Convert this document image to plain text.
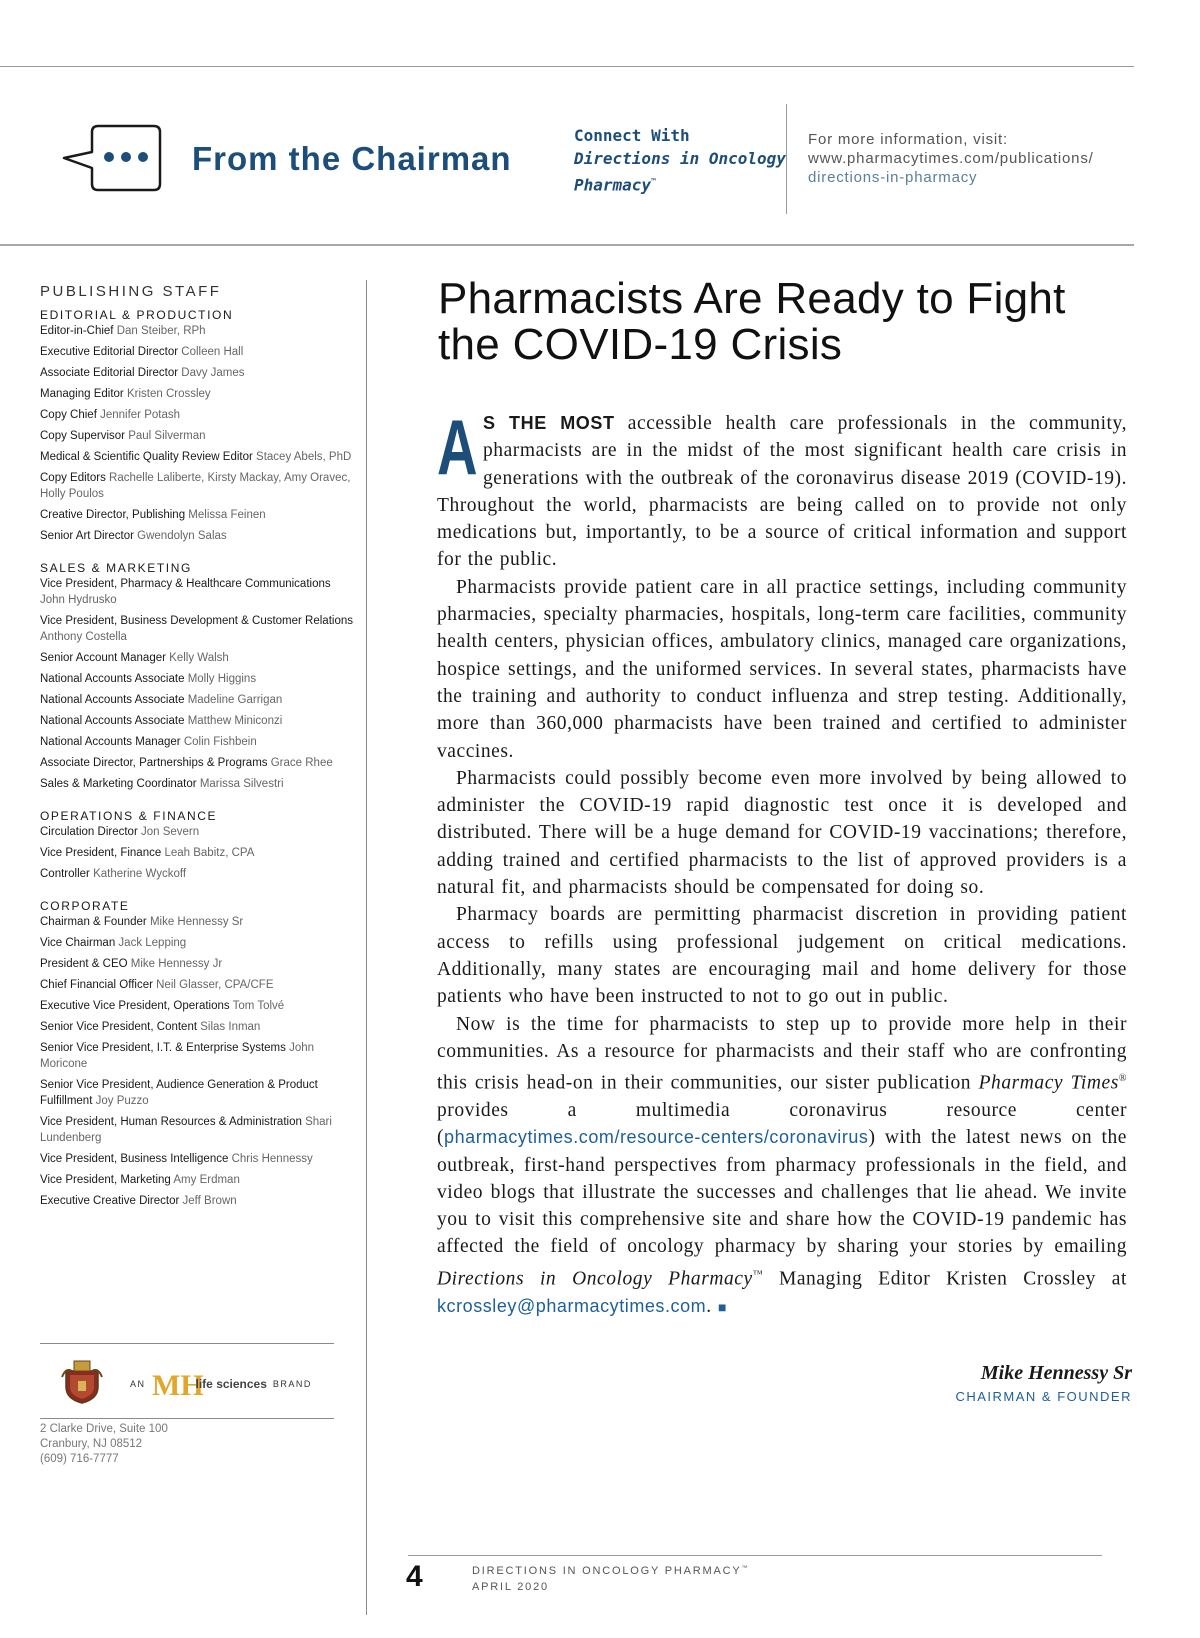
From the Chairman
Connect With
Directions in Oncology
Pharmacy™
For more information, visit:
www.pharmacytimes.com/publications/
directions-in-pharmacy
PUBLISHING STAFF
EDITORIAL & PRODUCTION
Editor-in-Chief Dan Steiber, RPh
Executive Editorial Director Colleen Hall
Associate Editorial Director Davy James
Managing Editor Kristen Crossley
Copy Chief Jennifer Potash
Copy Supervisor Paul Silverman
Medical & Scientific Quality Review Editor Stacey Abels, PhD
Copy Editors Rachelle Laliberte, Kirsty Mackay, Amy Oravec, Holly Poulos
Creative Director, Publishing Melissa Feinen
Senior Art Director Gwendolyn Salas
SALES & MARKETING
Vice President, Pharmacy & Healthcare Communications John Hydrusko
Vice President, Business Development & Customer Relations Anthony Costella
Senior Account Manager Kelly Walsh
National Accounts Associate Molly Higgins
National Accounts Associate Madeline Garrigan
National Accounts Associate Matthew Miniconzi
National Accounts Manager Colin Fishbein
Associate Director, Partnerships & Programs Grace Rhee
Sales & Marketing Coordinator Marissa Silvestri
OPERATIONS & FINANCE
Circulation Director Jon Severn
Vice President, Finance Leah Babitz, CPA
Controller Katherine Wyckoff
CORPORATE
Chairman & Founder Mike Hennessy Sr
Vice Chairman Jack Lepping
President & CEO Mike Hennessy Jr
Chief Financial Officer Neil Glasser, CPA/CFE
Executive Vice President, Operations Tom Tolvé
Senior Vice President, Content Silas Inman
Senior Vice President, I.T. & Enterprise Systems John Moricone
Senior Vice President, Audience Generation & Product Fulfillment Joy Puzzo
Vice President, Human Resources & Administration Shari Lundenberg
Vice President, Business Intelligence Chris Hennessy
Vice President, Marketing Amy Erdman
Executive Creative Director Jeff Brown
AN MH
life sciences BRAND
2 Clarke Drive, Suite 100
Cranbury, NJ 08512
(609) 716-7777
Pharmacists Are Ready to Fight the COVID-19 Crisis

A S THE MOST accessible health care professionals in the community, pharmacists are in the midst of the most significant health care crisis in generations with the outbreak of the coronavirus disease 2019 (COVID-19). Throughout the world, pharmacists are being called on to provide not only medications but, importantly, to be a source of critical information and support for the public.

Pharmacists provide patient care in all practice settings, including community pharmacies, specialty pharmacies, hospitals, long-term care facilities, community health centers, physician offices, ambulatory clinics, managed care organizations, hospice settings, and the uniformed services. In several states, pharmacists have the training and authority to conduct influenza and strep testing. Additionally, more than 360,000 pharmacists have been trained and certified to administer vaccines.

Pharmacists could possibly become even more involved by being allowed to administer the COVID-19 rapid diagnostic test once it is developed and distributed. There will be a huge demand for COVID-19 vaccinations; therefore, adding trained and certified pharmacists to the list of approved providers is a natural fit, and pharmacists should be compensated for doing so.

Pharmacy boards are permitting pharmacist discretion in providing patient access to refills using professional judgement on critical medications. Additionally, many states are encouraging mail and home delivery for those patients who have been instructed to not to go out in public.

Now is the time for pharmacists to step up to provide more help in their communities. As a resource for pharmacists and their staff who are confronting this crisis head-on in their communities, our sister publication Pharmacy Times® provides a multimedia coronavirus resource center (pharmacytimes.com/resource-centers/coronavirus) with the latest news on the outbreak, first-hand perspectives from pharmacy professionals in the field, and video blogs that illustrate the successes and challenges that lie ahead. We invite you to visit this comprehensive site and share how the COVID-19 pandemic has affected the field of oncology pharmacy by sharing your stories by emailing Directions in Oncology Pharmacy™ Managing Editor Kristen Crossley at kcrossley@pharmacytimes.com. ■

Mike Hennessy Sr
CHAIRMAN & FOUNDER
4	DIRECTIONS IN ONCOLOGY PHARMACY™
APRIL 2020
